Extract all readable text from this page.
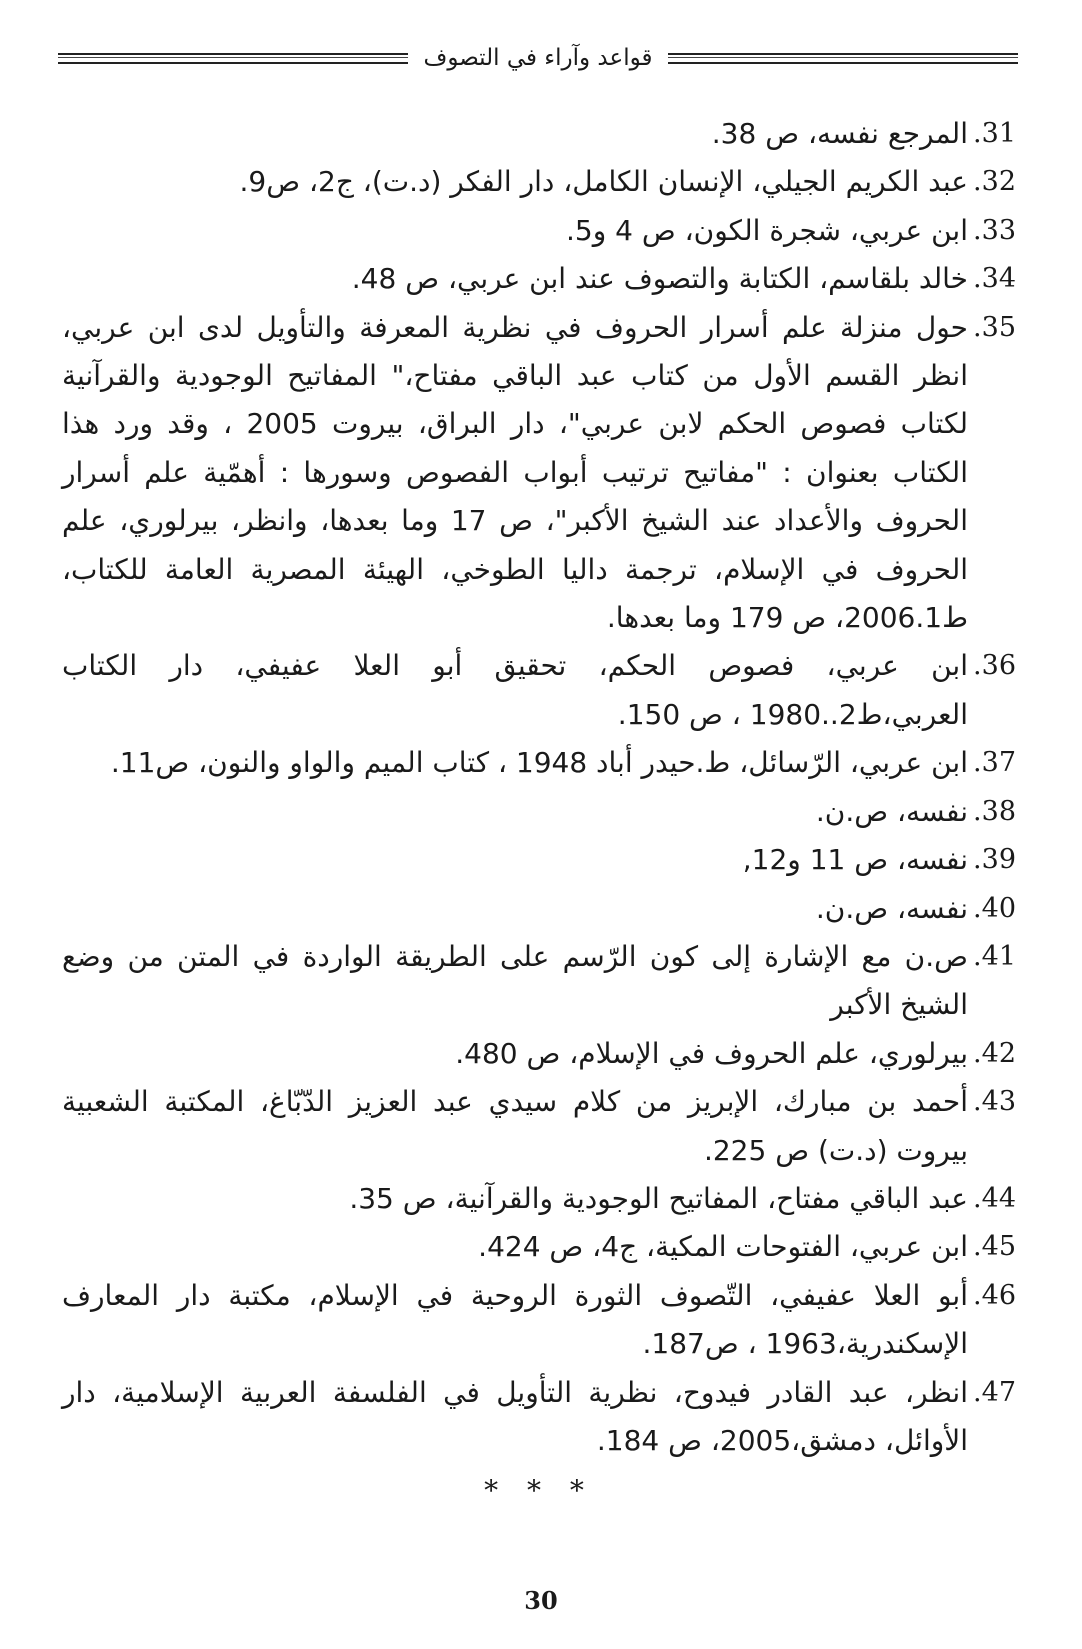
قواعد وآراء في التصوف
31.
المرجع نفسه، ص 38.
32.
عبد الكريم الجيلي، الإنسان الكامل، دار الفكر (د.ت)، ج2، ص9.
33.
ابن عربي، شجرة الكون، ص 4 و5.
34.
خالد بلقاسم، الكتابة والتصوف عند ابن عربي، ص 48.
35.
حول منزلة علم أسرار الحروف في نظرية المعرفة والتأويل لدى ابن عربي، انظر القسم الأول من كتاب عبد الباقي مفتاح،" المفاتيح الوجودية والقرآنية لكتاب فصوص الحكم لابن عربي"، دار البراق، بيروت 2005 ، وقد ورد هذا الكتاب بعنوان : "مفاتيح ترتيب أبواب الفصوص وسورها : أهمّية علم أسرار الحروف والأعداد عند الشيخ الأكبر"، ص 17 وما بعدها، وانظر، بيرلوري، علم الحروف في الإسلام، ترجمة داليا الطوخي، الهيئة المصرية العامة للكتاب، ط2006.1، ص 179 وما بعدها.
36.
ابن عربي، فصوص الحكم، تحقيق أبو العلا عفيفي، دار الكتاب العربي،ط2..1980 ، ص 150.
37.
ابن عربي، الرّسائل، ط.حيدر أباد 1948 ، كتاب الميم والواو والنون، ص11.
38.
نفسه، ص.ن.
39.
نفسه، ص 11 و12,
40.
نفسه، ص.ن.
41.
ص.ن مع الإشارة إلى كون الرّسم على الطريقة الواردة في المتن من وضع الشيخ الأكبر
42.
بيرلوري، علم الحروف في الإسلام، ص 480.
43.
أحمد بن مبارك، الإبريز من كلام سيدي عبد العزيز الدّبّاغ، المكتبة الشعبية بيروت (د.ت) ص 225.
44.
عبد الباقي مفتاح، المفاتيح الوجودية والقرآنية، ص 35.
45.
ابن عربي، الفتوحات المكية، ج4، ص 424.
46.
أبو العلا عفيفي، التّصوف الثورة الروحية في الإسلام، مكتبة دار المعارف الإسكندرية،1963 ، ص187.
47.
انظر، عبد القادر فيدوح، نظرية التأويل في الفلسفة العربية الإسلامية، دار الأوائل، دمشق،2005، ص 184.
* * *
30
